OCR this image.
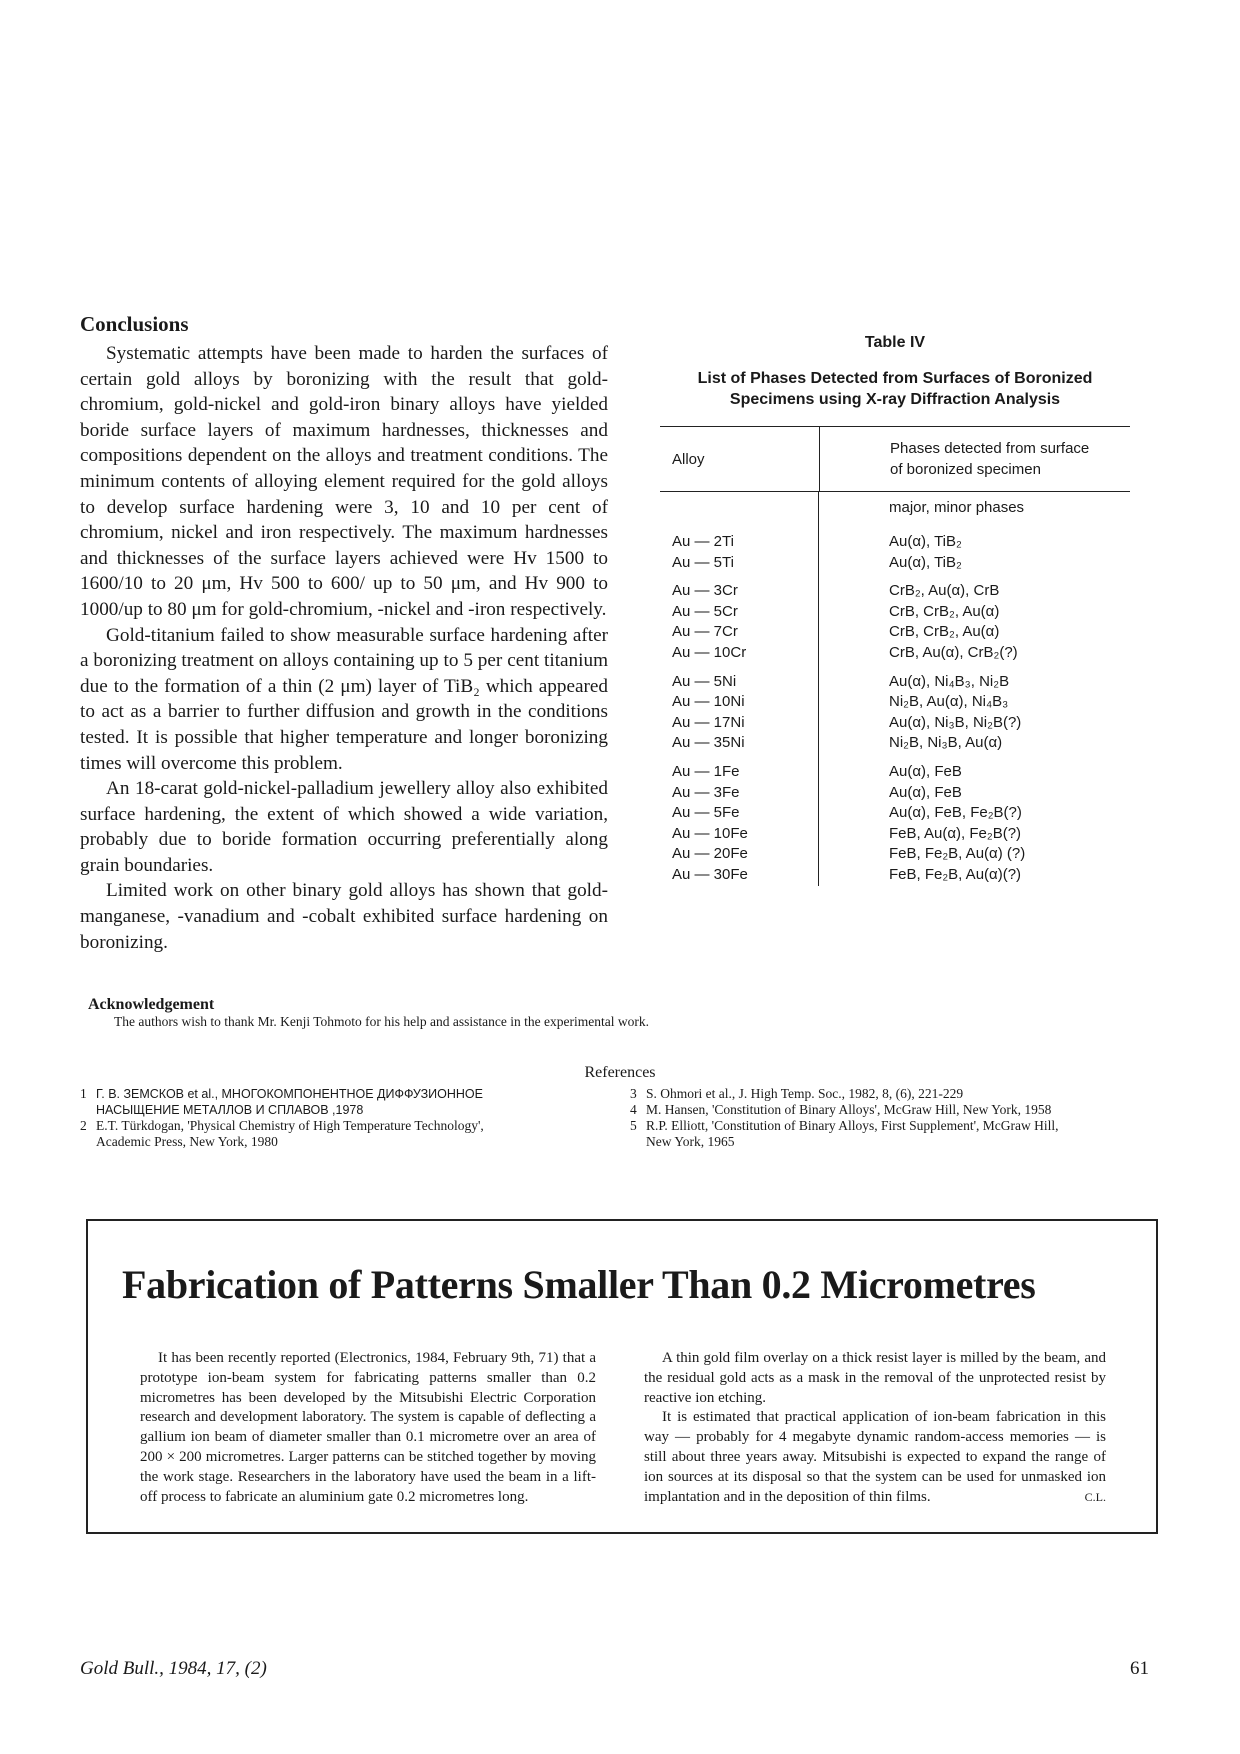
Conclusions

Systematic attempts have been made to harden the surfaces of certain gold alloys by boronizing with the result that gold-chromium, gold-nickel and gold-iron binary alloys have yielded boride surface layers of maximum hardnesses, thicknesses and compositions dependent on the alloys and treatment conditions. The minimum contents of alloying element required for the gold alloys to develop surface hardening were 3, 10 and 10 per cent of chromium, nickel and iron respectively. The maximum hardnesses and thicknesses of the surface layers achieved were Hv 1500 to 1600/10 to 20 μm, Hv 500 to 600/ up to 50 μm, and Hv 900 to 1000/up to 80 μm for gold-chromium, -nickel and -iron respectively.

Gold-titanium failed to show measurable surface hardening after a boronizing treatment on alloys containing up to 5 per cent titanium due to the formation of a thin (2 μm) layer of TiB₂ which appeared to act as a barrier to further diffusion and growth in the conditions tested. It is possible that higher temperature and longer boronizing times will overcome this problem.

An 18-carat gold-nickel-palladium jewellery alloy also exhibited surface hardening, the extent of which showed a wide variation, probably due to boride formation occurring preferentially along grain boundaries.

Limited work on other binary gold alloys has shown that gold-manganese, -vanadium and -cobalt exhibited surface hardening on boronizing.

Table IV

List of Phases Detected from Surfaces of Boronized
Specimens using X-ray Diffraction Analysis

Alloy
Phases detected from surface
of boronized specimen
Au — 2Ti
Au — 5Ti
Au — 3Cr
Au — 5Cr
Au — 7Cr
Au — 10Cr
Au — 5Ni
Au — 10Ni
Au — 17Ni
Au — 35Ni
Au — 1Fe
Au — 3Fe
Au — 5Fe
Au — 10Fe
Au — 20Fe
Au — 30Fe
major, minor phases
Au(α), TiB₂
Au(α), TiB₂
CrB₂, Au(α), CrB
CrB, CrB₂, Au(α)
CrB, CrB₂, Au(α)
CrB, Au(α), CrB₂(?)
Au(α), Ni₄B₃, Ni₂B
Ni₂B, Au(α), Ni₄B₃
Au(α), Ni₃B, Ni₂B(?)
Ni₂B, Ni₃B, Au(α)
Au(α), FeB
Au(α), FeB
Au(α), FeB, Fe₂B(?)
FeB, Au(α), Fe₂B(?)
FeB, Fe₂B, Au(α) (?)
FeB, Fe₂B, Au(α)(?)
Acknowledgement

The authors wish to thank Mr. Kenji Tohmoto for his help and assistance in the experimental work.

References

1 Г. В. ЗЕМСКОВ et al., МНОГОКОМПОНЕНТНОЕ ДИФФУЗИОННОЕ
НАСЫЩЕНИЕ МЕТАЛЛОВ И СПЛАВОВ ,1978
2 E.T. Türkdogan, 'Physical Chemistry of High Temperature Technology',
Academic Press, New York, 1980
3 S. Ohmori et al., J. High Temp. Soc., 1982, 8, (6), 221-229
4 M. Hansen, 'Constitution of Binary Alloys', McGraw Hill, New York, 1958
5 R.P. Elliott, 'Constitution of Binary Alloys, First Supplement', McGraw Hill,
New York, 1965
Fabrication of Patterns Smaller Than 0.2 Micrometres

It has been recently reported (Electronics, 1984, February 9th, 71) that a prototype ion-beam system for fabricating patterns smaller than 0.2 micrometres has been developed by the Mitsubishi Electric Corporation research and development laboratory. The system is capable of deflecting a gallium ion beam of diameter smaller than 0.1 micrometre over an area of 200 × 200 micrometres. Larger patterns can be stitched together by moving the work stage. Researchers in the laboratory have used the beam in a lift-off process to fabricate an aluminium gate 0.2 micrometres long.

A thin gold film overlay on a thick resist layer is milled by the beam, and the residual gold acts as a mask in the removal of the unprotected resist by reactive ion etching.

It is estimated that practical application of ion-beam fabrication in this way — probably for 4 megabyte dynamic random-access memories — is still about three years away. Mitsubishi is expected to expand the range of ion sources at its disposal so that the system can be used for unmasked ion implantation and in the deposition of thin films.	C.L.

Gold Bull., 1984, 17, (2)	61
